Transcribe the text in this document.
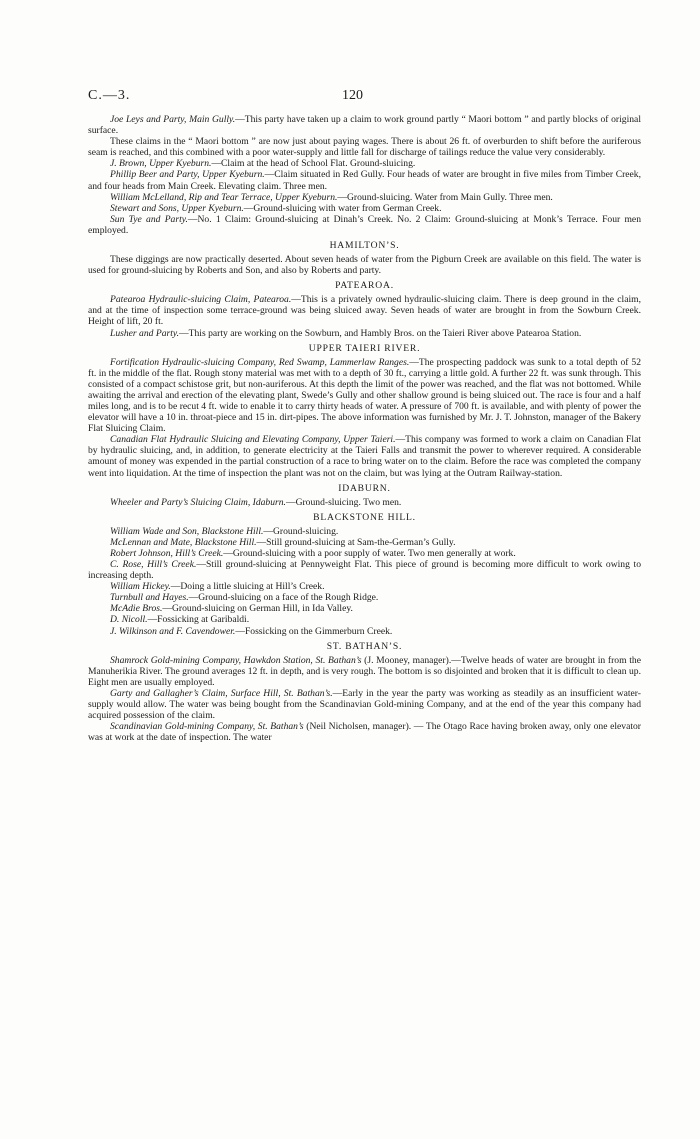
C.—3.	120

Joe Leys and Party, Main Gully.—This party have taken up a claim to work ground partly “ Maori bottom ” and partly blocks of original surface.

These claims in the “ Maori bottom ” are now just about paying wages. There is about 26 ft. of overburden to shift before the auriferous seam is reached, and this combined with a poor water-supply and little fall for discharge of tailings reduce the value very considerably.

J. Brown, Upper Kyeburn.—Claim at the head of School Flat. Ground-sluicing.

Phillip Beer and Party, Upper Kyeburn.—Claim situated in Red Gully. Four heads of water are brought in five miles from Timber Creek, and four heads from Main Creek. Elevating claim. Three men.

William McLelland, Rip and Tear Terrace, Upper Kyeburn.—Ground-sluicing. Water from Main Gully. Three men.

Stewart and Sons, Upper Kyeburn.—Ground-sluicing with water from German Creek.

Sun Tye and Party.—No. 1 Claim: Ground-sluicing at Dinah’s Creek. No. 2 Claim: Ground-sluicing at Monk’s Terrace. Four men employed.

HAMILTON’S.

These diggings are now practically deserted. About seven heads of water from the Pigburn Creek are available on this field. The water is used for ground-sluicing by Roberts and Son, and also by Roberts and party.

PATEAROA.

Patearoa Hydraulic-sluicing Claim, Patearoa.—This is a privately owned hydraulic-sluicing claim. There is deep ground in the claim, and at the time of inspection some terrace-ground was being sluiced away. Seven heads of water are brought in from the Sowburn Creek. Height of lift, 20 ft.

Lusher and Party.—This party are working on the Sowburn, and Hambly Bros. on the Taieri River above Patearoa Station.

UPPER TAIERI RIVER.

Fortification Hydraulic-sluicing Company, Red Swamp, Lammerlaw Ranges.—The prospecting paddock was sunk to a total depth of 52 ft. in the middle of the flat. Rough stony material was met with to a depth of 30 ft., carrying a little gold. A further 22 ft. was sunk through. This consisted of a compact schistose grit, but non-auriferous. At this depth the limit of the power was reached, and the flat was not bottomed. While awaiting the arrival and erection of the elevating plant, Swede’s Gully and other shallow ground is being sluiced out. The race is four and a half miles long, and is to be recut 4 ft. wide to enable it to carry thirty heads of water. A pressure of 700 ft. is available, and with plenty of power the elevator will have a 10 in. throat-piece and 15 in. dirt-pipes. The above information was furnished by Mr. J. T. Johnston, manager of the Bakery Flat Sluicing Claim.

Canadian Flat Hydraulic Sluicing and Elevating Company, Upper Taieri.—This company was formed to work a claim on Canadian Flat by hydraulic sluicing, and, in addition, to generate electricity at the Taieri Falls and transmit the power to wherever required. A considerable amount of money was expended in the partial construction of a race to bring water on to the claim. Before the race was completed the company went into liquidation. At the time of inspection the plant was not on the claim, but was lying at the Outram Railway-station.

IDABURN.

Wheeler and Party’s Sluicing Claim, Idaburn.—Ground-sluicing. Two men.

BLACKSTONE HILL.

William Wade and Son, Blackstone Hill.—Ground-sluicing.

McLennan and Mate, Blackstone Hill.—Still ground-sluicing at Sam-the-German’s Gully.

Robert Johnson, Hill’s Creek.—Ground-sluicing with a poor supply of water. Two men generally at work.

C. Rose, Hill’s Creek.—Still ground-sluicing at Pennyweight Flat. This piece of ground is becoming more difficult to work owing to increasing depth.

William Hickey.—Doing a little sluicing at Hill’s Creek.

Turnbull and Hayes.—Ground-sluicing on a face of the Rough Ridge.

McAdie Bros.—Ground-sluicing on German Hill, in Ida Valley.

D. Nicoll.—Fossicking at Garibaldi.

J. Wilkinson and F. Cavendower.—Fossicking on the Gimmerburn Creek.

ST. BATHAN’S.

Shamrock Gold-mining Company, Hawkdon Station, St. Bathan’s (J. Mooney, manager).—Twelve heads of water are brought in from the Manuherikia River. The ground averages 12 ft. in depth, and is very rough. The bottom is so disjointed and broken that it is difficult to clean up. Eight men are usually employed.

Garty and Gallagher’s Claim, Surface Hill, St. Bathan’s.—Early in the year the party was working as steadily as an insufficient water-supply would allow. The water was being bought from the Scandinavian Gold-mining Company, and at the end of the year this company had acquired possession of the claim.

Scandinavian Gold-mining Company, St. Bathan’s (Neil Nicholsen, manager). — The Otago Race having broken away, only one elevator was at work at the date of inspection. The water
